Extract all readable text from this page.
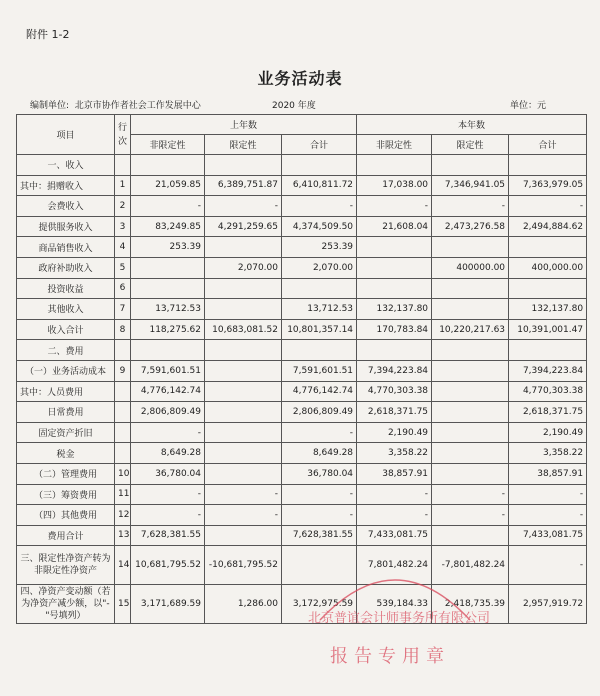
附件 1-2
业务活动表
编制单位: 北京市协作者社会工作发展中心	2020 年度	单位：元
项目	行次	上年数			本年数		
		非限定性	限定性	合计	非限定性	限定性	合计
一、收入							
其中：捐赠收入	1	21,059.85	6,389,751.87	6,410,811.72	17,038.00	7,346,941.05	7,363,979.05
会费收入	2	-	-	-	-	-	-
提供服务收入	3	83,249.85	4,291,259.65	4,374,509.50	21,608.04	2,473,276.58	2,494,884.62
商品销售收入	4	253.39		253.39			
政府补助收入	5		2,070.00	2,070.00		400000.00	400,000.00
投资收益	6						
其他收入	7	13,712.53		13,712.53	132,137.80		132,137.80
收入合计	8	118,275.62	10,683,081.52	10,801,357.14	170,783.84	10,220,217.63	10,391,001.47
二、费用							
（一）业务活动成本	9	7,591,601.51		7,591,601.51	7,394,223.84		7,394,223.84
其中：人员费用		4,776,142.74		4,776,142.74	4,770,303.38		4,770,303.38
日常费用		2,806,809.49		2,806,809.49	2,618,371.75		2,618,371.75
固定资产折旧		-		-	2,190.49		2,190.49
税金		8,649.28		8,649.28	3,358.22		3,358.22
（二）管理费用	10	36,780.04		36,780.04	38,857.91		38,857.91
（三）筹资费用	11	-	-	-	-	-	-
（四）其他费用	12	-	-	-	-	-	-
费用合计	13	7,628,381.55		7,628,381.55	7,433,081.75		7,433,081.75
三、限定性净资产转为非限定性净资产	14	10,681,795.52	-10,681,795.52		7,801,482.24	-7,801,482.24	-
四、净资产变动额（若为净资产减少额，以"-"号填列）	15	3,171,689.59	1,286.00	3,172,975.59	539,184.33	2,418,735.39	2,957,919.72
北京普谊会计师事务所有限公司
报告专用章
